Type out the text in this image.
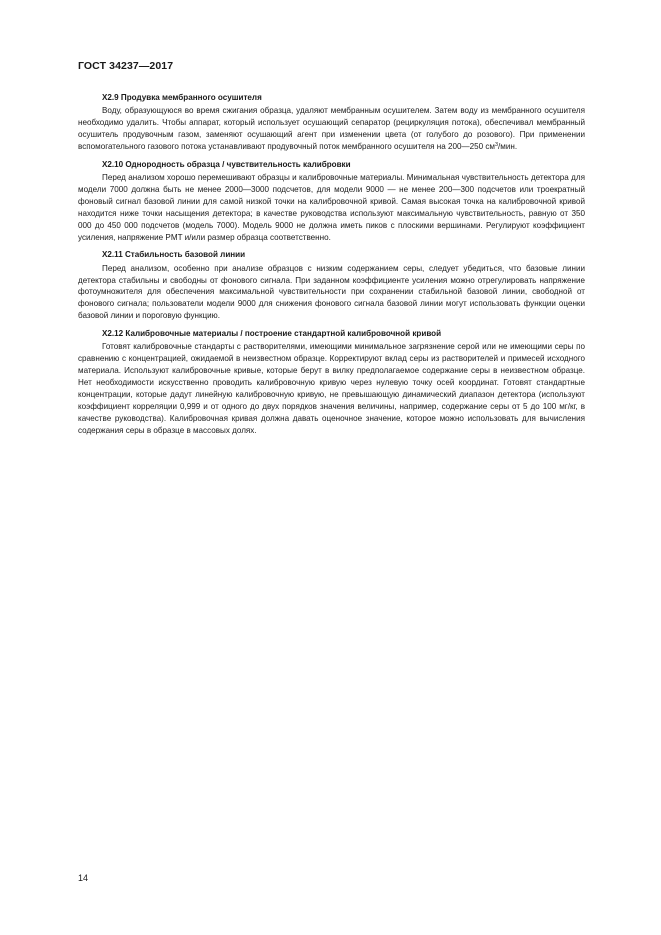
ГОСТ 34237—2017
X2.9 Продувка мембранного осушителя

Воду, образующуюся во время сжигания образца, удаляют мембранным осушителем. Затем воду из мембранного осушителя необходимо удалить. Чтобы аппарат, который использует осушающий сепаратор (рециркуляция потока), обеспечивал мембранный осушитель продувочным газом, заменяют осушающий агент при изменении цвета (от голубого до розового). При применении вспомогательного газового потока устанавливают продувочный поток мембранного осушителя на 200—250 $см^3$/мин.

X2.10 Однородность образца / чувствительность калибровки

Перед анализом хорошо перемешивают образцы и калибровочные материалы. Минимальная чувствительность детектора для модели 7000 должна быть не менее 2000—3000 подсчетов, для модели 9000 — не менее 200—300 подсчетов или троекратный фоновый сигнал базовой линии для самой низкой точки на калибровочной кривой. Самая высокая точка на калибровочной кривой находится ниже точки насыщения детектора; в качестве руководства используют максимальную чувствительность, равную от 350 000 до 450 000 подсчетов (модель 7000). Модель 9000 не должна иметь пиков с плоскими вершинами. Регулируют коэффициент усиления, напряжение PMT и/или размер образца соответственно.

X2.11 Стабильность базовой линии

Перед анализом, особенно при анализе образцов с низким содержанием серы, следует убедиться, что базовые линии детектора стабильны и свободны от фонового сигнала. При заданном коэффициенте усиления можно отрегулировать напряжение фотоумножителя для обеспечения максимальной чувствительности при сохранении стабильной базовой линии, свободной от фонового сигнала; пользователи модели 9000 для снижения фонового сигнала базовой линии могут использовать функции оценки базовой линии и пороговую функцию.

X2.12 Калибровочные материалы / построение стандартной калибровочной кривой

Готовят калибровочные стандарты с растворителями, имеющими минимальное загрязнение серой или не имеющими серы по сравнению с концентрацией, ожидаемой в неизвестном образце. Корректируют вклад серы из растворителей и примесей исходного материала. Используют калибровочные кривые, которые берут в вилку предполагаемое содержание серы в неизвестном образце. Нет необходимости искусственно проводить калибровочную кривую через нулевую точку осей координат. Готовят стандартные концентрации, которые дадут линейную калибровочную кривую, не превышающую динамический диапазон детектора (используют коэффициент корреляции 0,999 и от одного до двух порядков значения величины, например, содержание серы от 5 до 100 мг/кг, в качестве руководства). Калибровочная кривая должна давать оценочное значение, которое можно использовать для вычисления содержания серы в образце в массовых долях.

14
